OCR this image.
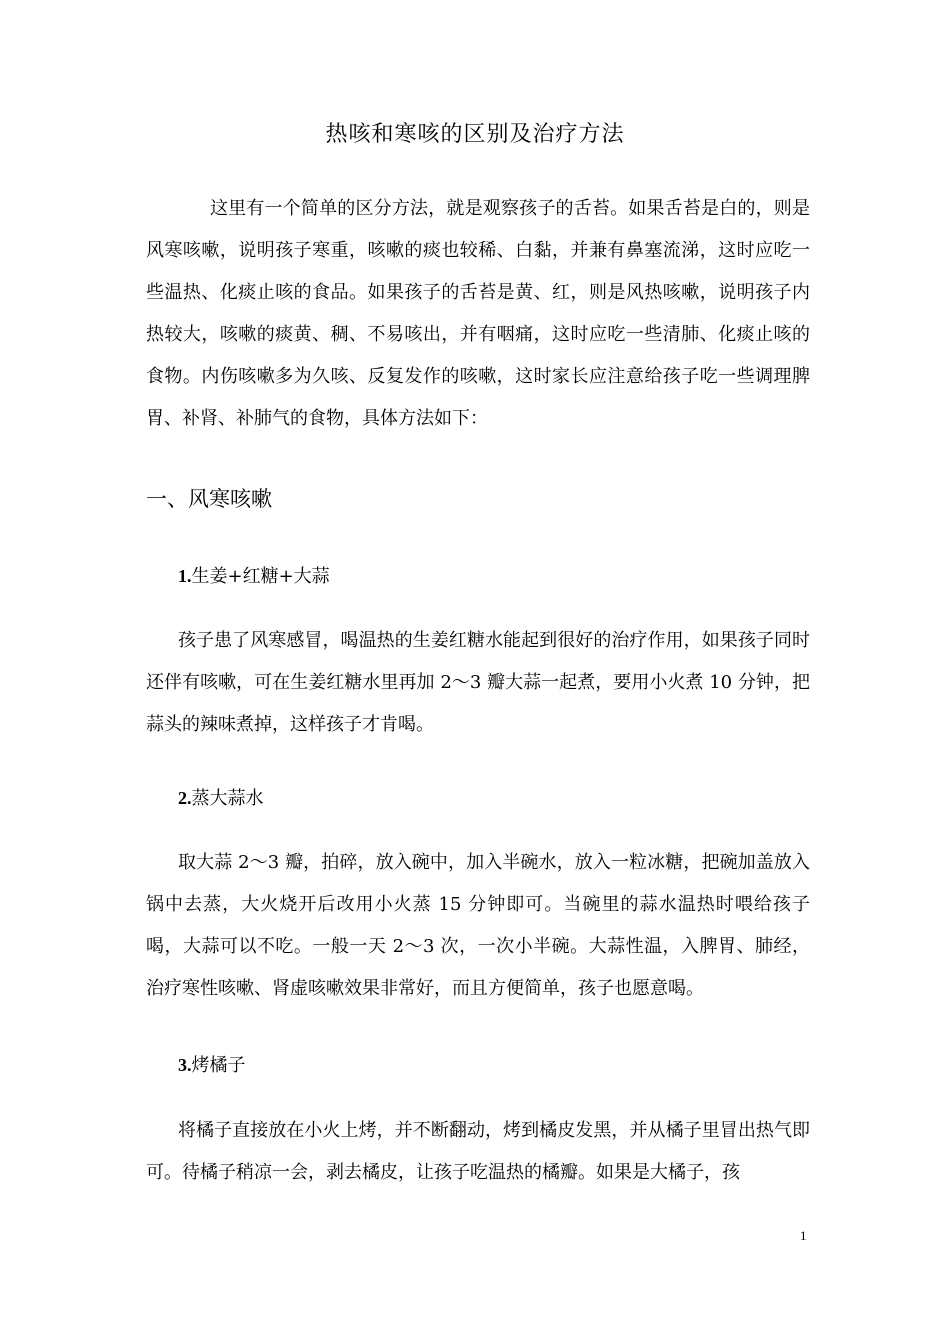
热咳和寒咳的区别及治疗方法

这里有一个简单的区分方法，就是观察孩子的舌苔。如果舌苔是白的，则是风寒咳嗽，说明孩子寒重，咳嗽的痰也较稀、白黏，并兼有鼻塞流涕，这时应吃一些温热、化痰止咳的食品。如果孩子的舌苔是黄、红，则是风热咳嗽，说明孩子内热较大，咳嗽的痰黄、稠、不易咳出，并有咽痛，这时应吃一些清肺、化痰止咳的食物。内伤咳嗽多为久咳、反复发作的咳嗽，这时家长应注意给孩子吃一些调理脾胃、补肾、补肺气的食物，具体方法如下：

一、风寒咳嗽
1.生姜+红糖+大蒜

孩子患了风寒感冒，喝温热的生姜红糖水能起到很好的治疗作用，如果孩子同时还伴有咳嗽，可在生姜红糖水里再加 2～3 瓣大蒜一起煮，要用小火煮 10 分钟，把蒜头的辣味煮掉，这样孩子才肯喝。

2.蒸大蒜水

取大蒜 2～3 瓣，拍碎，放入碗中，加入半碗水，放入一粒冰糖，把碗加盖放入锅中去蒸，大火烧开后改用小火蒸 15 分钟即可。当碗里的蒜水温热时喂给孩子喝，大蒜可以不吃。一般一天 2～3 次，一次小半碗。大蒜性温，入脾胃、肺经，治疗寒性咳嗽、肾虚咳嗽效果非常好，而且方便简单，孩子也愿意喝。

3.烤橘子

将橘子直接放在小火上烤，并不断翻动，烤到橘皮发黑，并从橘子里冒出热气即可。待橘子稍凉一会，剥去橘皮，让孩子吃温热的橘瓣。如果是大橘子，孩

1
